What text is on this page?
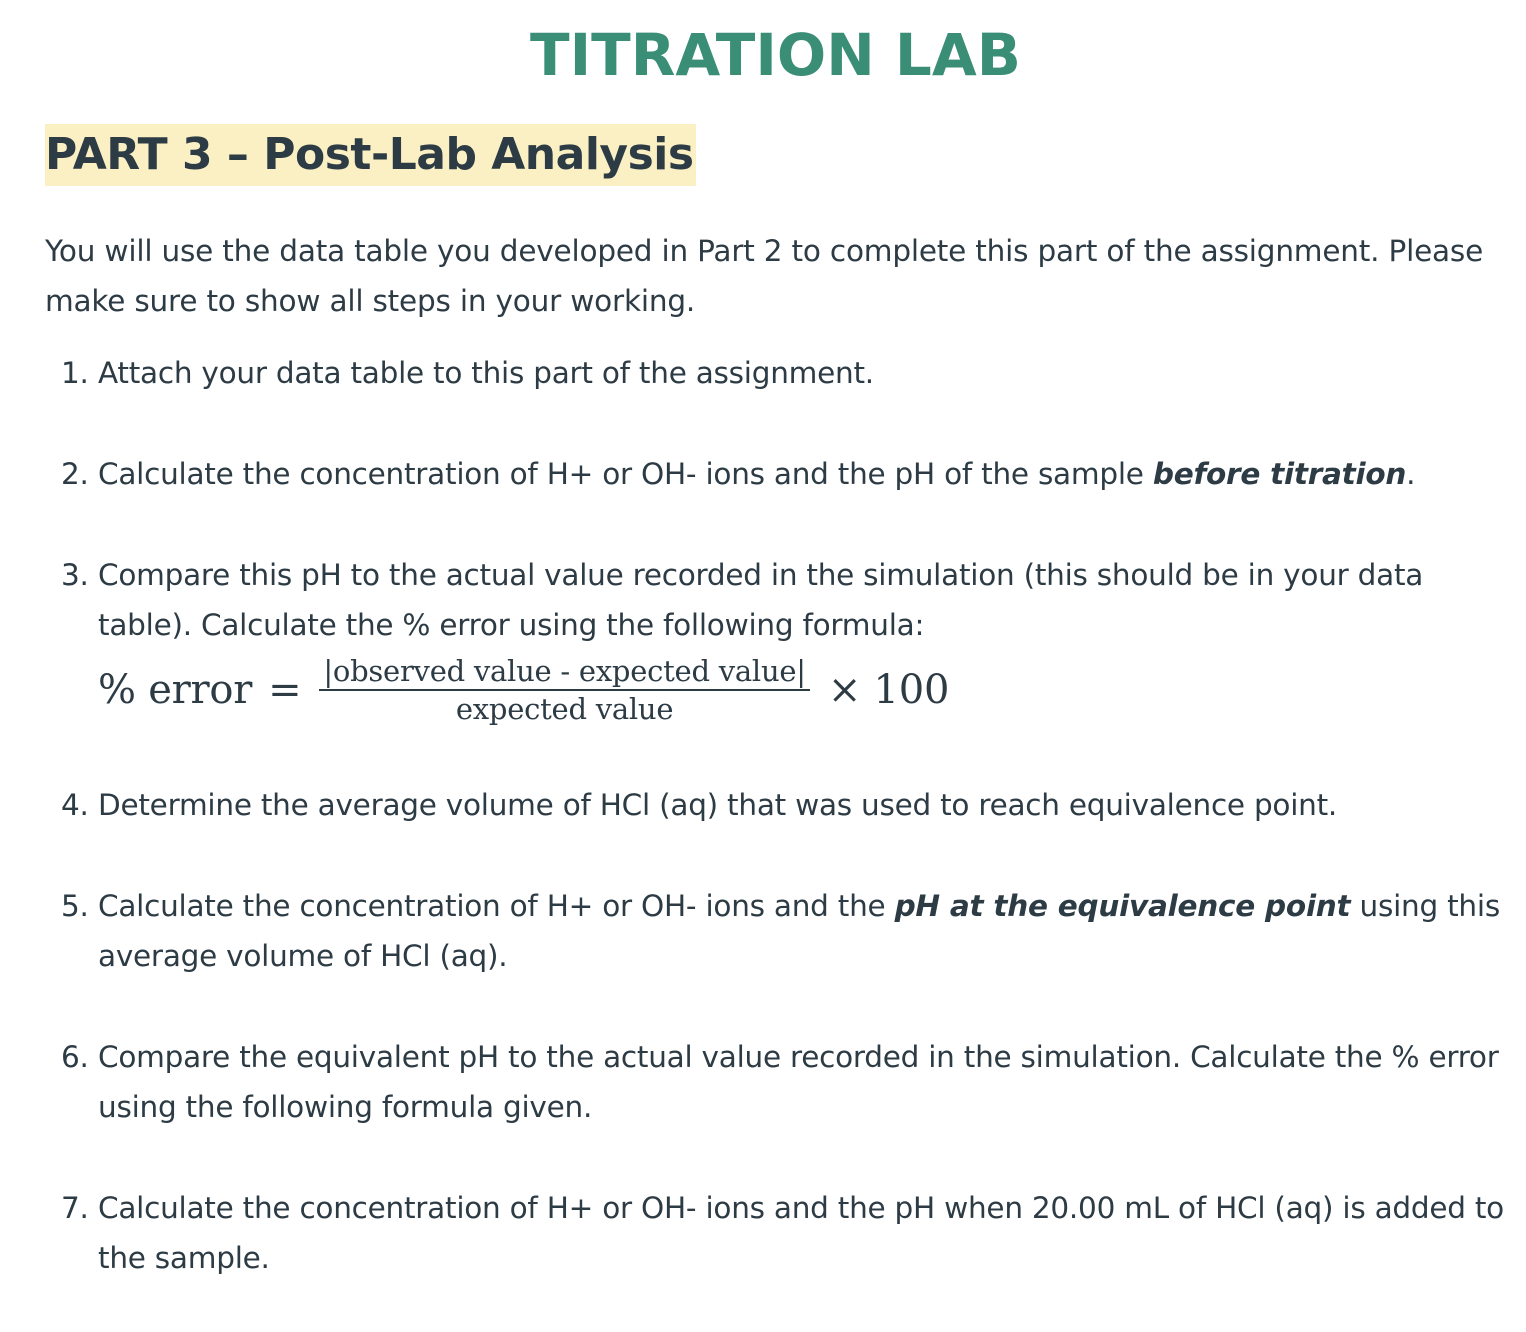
TITRATION LAB
PART 3 – Post-Lab Analysis

You will use the data table you developed in Part 2 to complete this part of the assignment. Please make sure to show all steps in your working.

1. Attach your data table to this part of the assignment.
2. Calculate the concentration of H+ or OH- ions and the pH of the sample before titration.
3. Compare this pH to the actual value recorded in the simulation (this should be in your data table). Calculate the % error using the following formula:
% error = $\frac{\text{|observed value - expected value|}}{\text{expected value}} \times 100$
4. Determine the average volume of HCl (aq) that was used to reach equivalence point.
5. Calculate the concentration of H+ or OH- ions and the pH at the equivalence point using this average volume of HCl (aq).
6. Compare the equivalent pH to the actual value recorded in the simulation. Calculate the % error using the following formula given.
7. Calculate the concentration of H+ or OH- ions and the pH when 20.00 mL of HCl (aq) is added to the sample.
